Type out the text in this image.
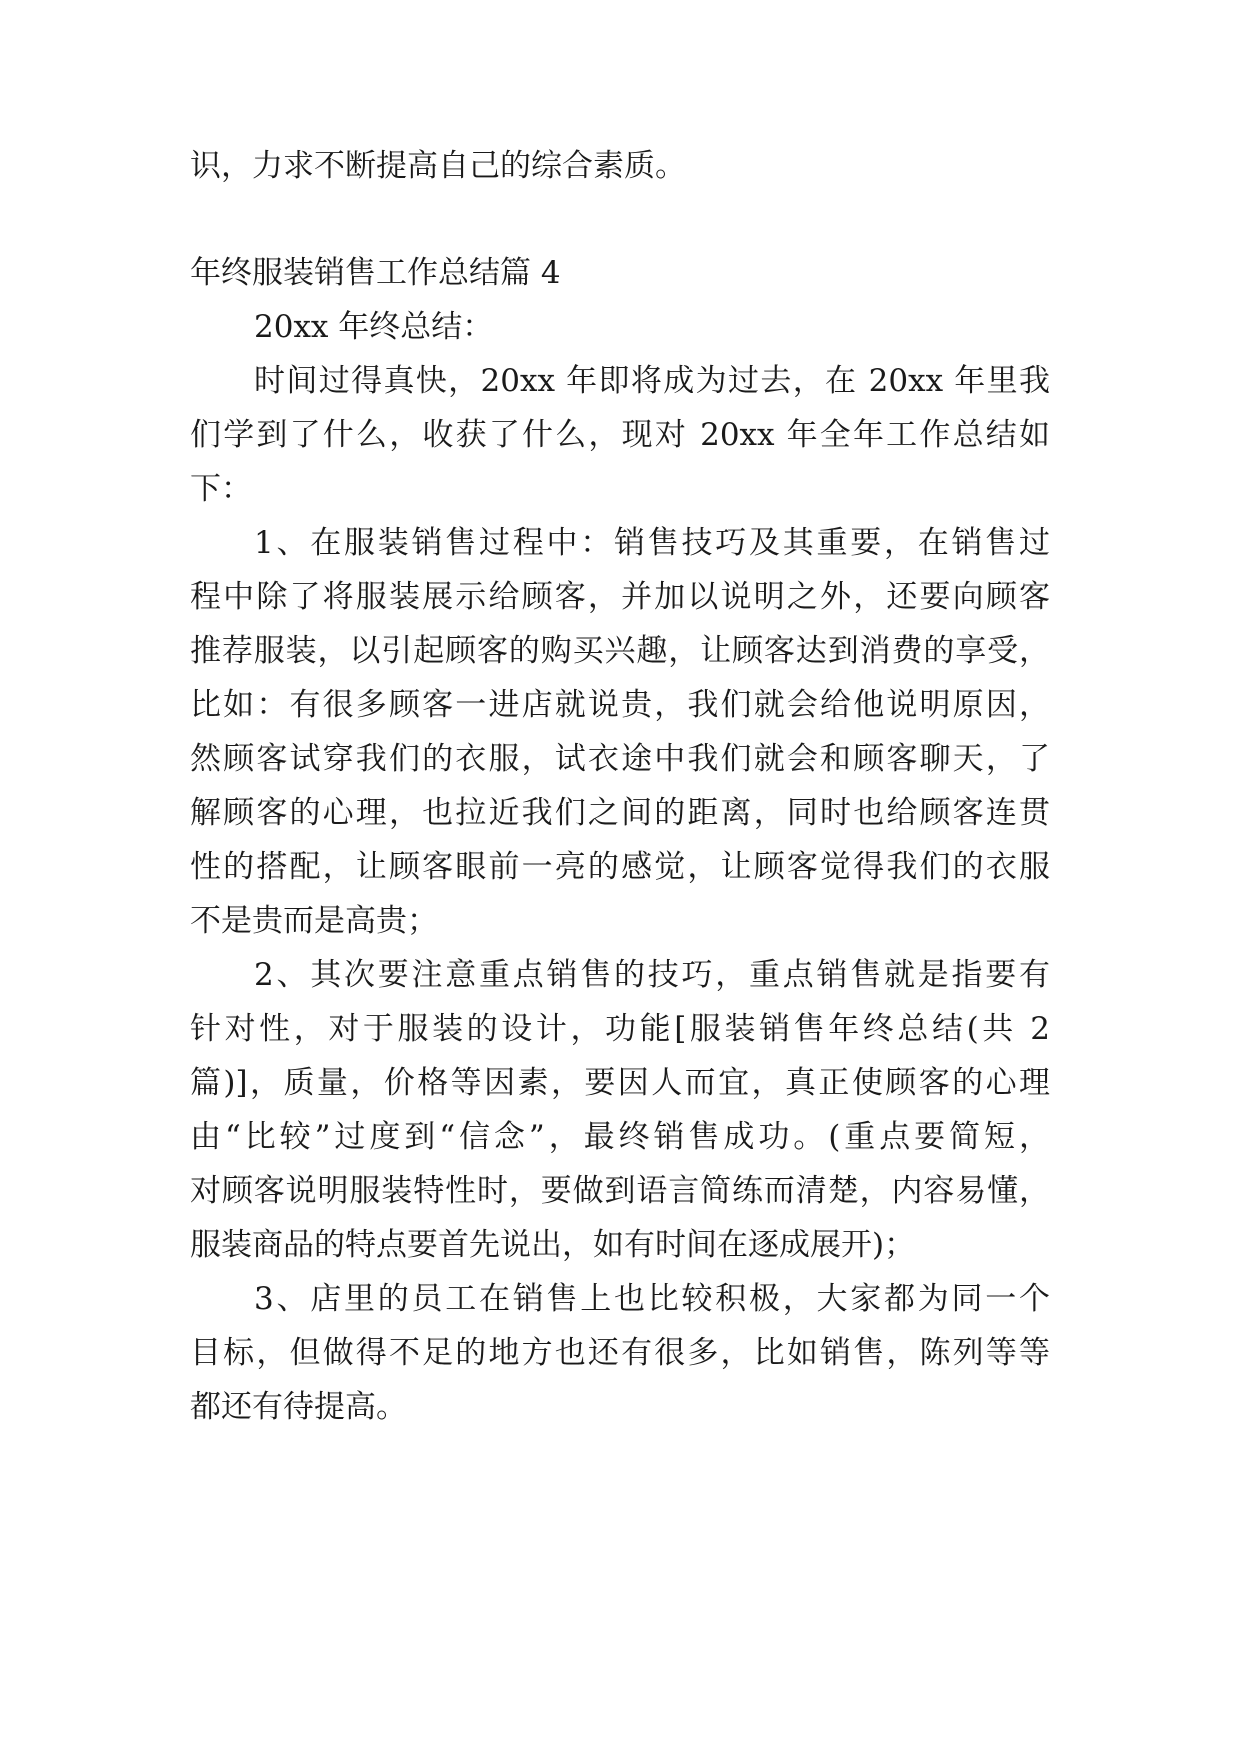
识，力求不断提高自己的综合素质。
年终服装销售工作总结篇 4
20xx 年终总结：
时间过得真快，20xx 年即将成为过去，在 20xx 年里我
们学到了什么，收获了什么，现对 20xx 年全年工作总结如
下：
1、在服装销售过程中：销售技巧及其重要，在销售过
程中除了将服装展示给顾客，并加以说明之外，还要向顾客
推荐服装，以引起顾客的购买兴趣，让顾客达到消费的享受，
比如：有很多顾客一进店就说贵，我们就会给他说明原因，
然顾客试穿我们的衣服，试衣途中我们就会和顾客聊天，了
解顾客的心理，也拉近我们之间的距离，同时也给顾客连贯
性的搭配，让顾客眼前一亮的感觉，让顾客觉得我们的衣服
不是贵而是高贵；
2、其次要注意重点销售的技巧，重点销售就是指要有
针对性，对于服装的设计，功能[服装销售年终总结(共 2
篇)]，质量，价格等因素，要因人而宜，真正使顾客的心理
由“比较”过度到“信念”，最终销售成功。(重点要简短，
对顾客说明服装特性时，要做到语言简练而清楚，内容易懂，
服装商品的特点要首先说出，如有时间在逐成展开)；
3、店里的员工在销售上也比较积极，大家都为同一个
目标，但做得不足的地方也还有很多，比如销售，陈列等等
都还有待提高。
